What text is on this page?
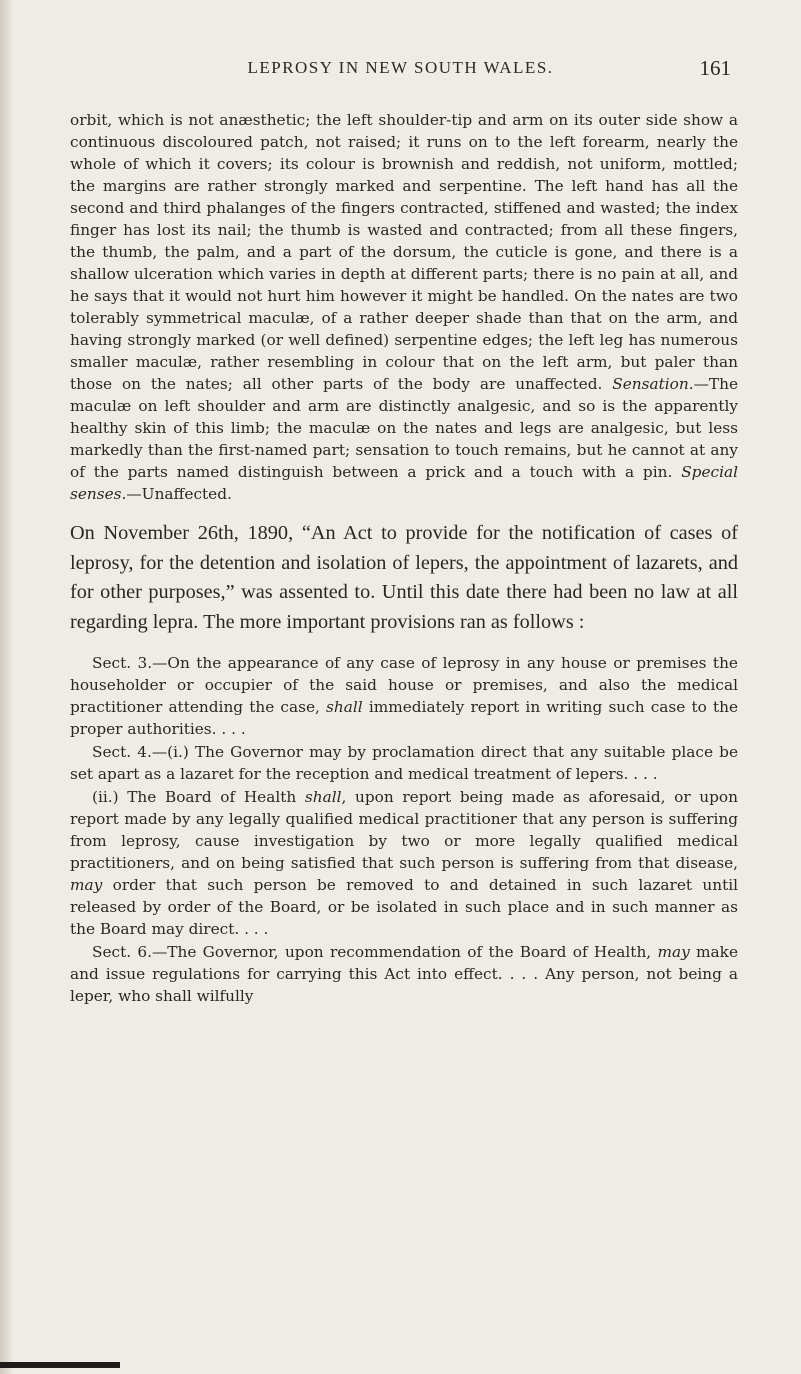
LEPROSY IN NEW SOUTH WALES.	161

orbit, which is not anæsthetic; the left shoulder-tip and arm on its outer side show a continuous discoloured patch, not raised; it runs on to the left forearm, nearly the whole of which it covers; its colour is brownish and reddish, not uniform, mottled; the margins are rather strongly marked and serpentine. The left hand has all the second and third phalanges of the fingers contracted, stiffened and wasted; the index finger has lost its nail; the thumb is wasted and contracted; from all these fingers, the thumb, the palm, and a part of the dorsum, the cuticle is gone, and there is a shallow ulceration which varies in depth at different parts; there is no pain at all, and he says that it would not hurt him however it might be handled. On the nates are two tolerably symmetrical maculæ, of a rather deeper shade than that on the arm, and having strongly marked (or well defined) serpentine edges; the left leg has numerous smaller maculæ, rather resembling in colour that on the left arm, but paler than those on the nates; all other parts of the body are unaffected. Sensation.—The maculæ on left shoulder and arm are distinctly analgesic, and so is the apparently healthy skin of this limb; the maculæ on the nates and legs are analgesic, but less markedly than the first-named part; sensation to touch remains, but he cannot at any of the parts named distinguish between a prick and a touch with a pin. Special senses.—Unaffected.

On November 26th, 1890, “An Act to provide for the notification of cases of leprosy, for the detention and isolation of lepers, the appointment of lazarets, and for other purposes,” was assented to. Until this date there had been no law at all regarding lepra. The more important provisions ran as follows :

Sect. 3.—On the appearance of any case of leprosy in any house or premises the householder or occupier of the said house or premises, and also the medical practitioner attending the case, shall immediately report in writing such case to the proper authorities. . . .

Sect. 4.—(i.) The Governor may by proclamation direct that any suitable place be set apart as a lazaret for the reception and medical treatment of lepers. . . .

(ii.) The Board of Health shall, upon report being made as aforesaid, or upon report made by any legally qualified medical practitioner that any person is suffering from leprosy, cause investigation by two or more legally qualified medical practitioners, and on being satisfied that such person is suffering from that disease, may order that such person be removed to and detained in such lazaret until released by order of the Board, or be isolated in such place and in such manner as the Board may direct. . . .

Sect. 6.—The Governor, upon recommendation of the Board of Health, may make and issue regulations for carrying this Act into effect. . . . Any person, not being a leper, who shall wilfully
